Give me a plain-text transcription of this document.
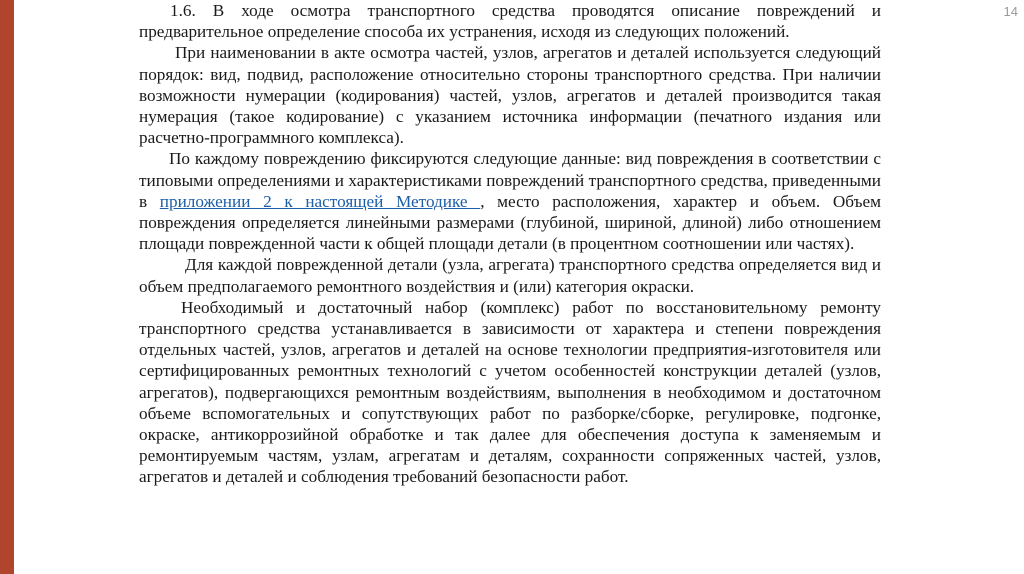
14

1.6. В ходе осмотра транспортного средства проводятся описание повреждений и предварительное определение способа их устранения, исходя из следующих положений.

При наименовании в акте осмотра частей, узлов, агрегатов и деталей используется следующий порядок: вид, подвид, расположение относительно стороны транспортного средства. При наличии возможности нумерации (кодирования) частей, узлов, агрегатов и деталей производится такая нумерация (такое кодирование) с указанием источника информации (печатного издания или расчетно-программного комплекса).

По каждому повреждению фиксируются следующие данные: вид повреждения в соответствии с типовыми определениями и характеристиками повреждений транспортного средства, приведенными в приложении 2 к настоящей Методике , место расположения, характер и объем. Объем повреждения определяется линейными размерами (глубиной, шириной, длиной) либо отношением площади поврежденной части к общей площади детали (в процентном соотношении или частях).

Для каждой поврежденной детали (узла, агрегата) транспортного средства определяется вид и объем предполагаемого ремонтного воздействия и (или) категория окраски.

Необходимый и достаточный набор (комплекс) работ по восстановительному ремонту транспортного средства устанавливается в зависимости от характера и степени повреждения отдельных частей, узлов, агрегатов и деталей на основе технологии предприятия-изготовителя или сертифицированных ремонтных технологий с учетом особенностей конструкции деталей (узлов, агрегатов), подвергающихся ремонтным воздействиям, выполнения в необходимом и достаточном объеме вспомогательных и сопутствующих работ по разборке/сборке, регулировке, подгонке, окраске, антикоррозийной обработке и так далее для обеспечения доступа к заменяемым и ремонтируемым частям, узлам, агрегатам и деталям, сохранности сопряженных частей, узлов, агрегатов и деталей и соблюдения требований безопасности работ.
